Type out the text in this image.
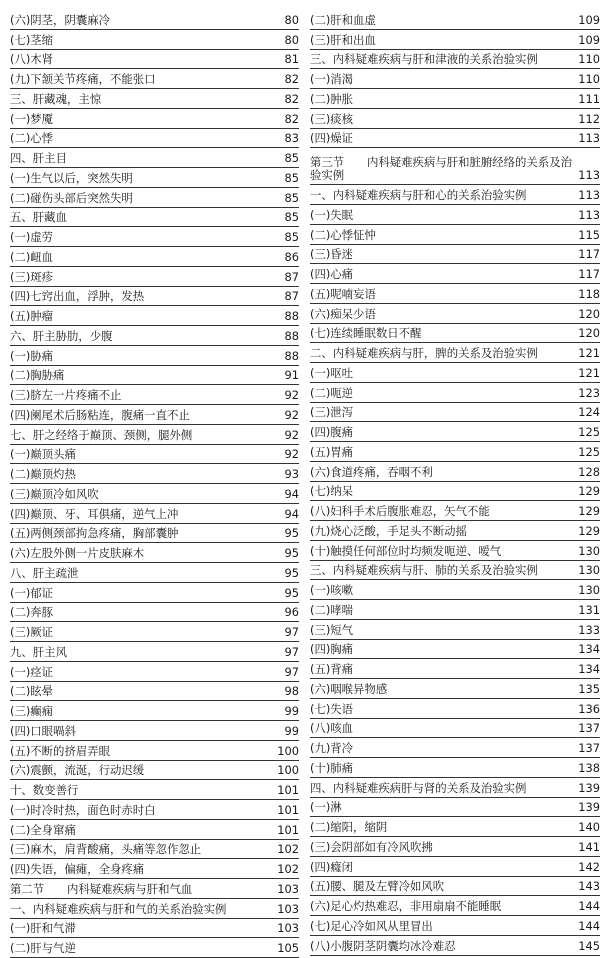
(六)阴茎，阴囊麻冷	80
(七)茎缩	80
(八)木肾	81
(九)下颔关节疼痛，不能张口	82
三、肝藏魂，主惊	82
(一)梦魇	82
(二)心悸	83
四、肝主目	85
(一)生气以后，突然失明	85
(二)碰伤头部后突然失明	85
五、肝藏血	85
(一)虚劳	85
(二)衄血	86
(三)斑疹	87
(四)七窍出血，浮肿，发热	87
(五)肿瘤	88
六、肝主胁肋，少腹	88
(一)胁痛	88
(二)胸胁痛	91
(三)脐左一片疼痛不止	92
(四)阑尾术后肠粘连，腹痛一直不止	92
七、肝之经络于巅顶、颈侧，腿外侧	92
(一)巅顶头痛	92
(二)巅顶灼热	93
(三)巅顶冷如风吹	94
(四)巅顶、牙、耳俱痛，逆气上冲	94
(五)两侧颈部拘急疼痛，胸部囊肿	95
(六)左股外侧一片皮肤麻木	95
八、肝主疏泄	95
(一)郁证	95
(二)奔豚	96
(三)厥证	97
九、肝主风	97
(一)痉证	97
(二)眩晕	98
(三)癫痫	99
(四)口眼喎斜	99
(五)不断的挤眉弄眼	100
(六)震颤，流涎，行动迟缓	100
十、数变善行	101
(一)时冷时热，面色时赤时白	101
(二)全身窜痛	101
(三)麻木，肩背酸痛，头痛等忽作忽止	102
(四)失语，偏瘫，全身疼痛	102
第二节　　内科疑难疾病与肝和气血	103
一、内科疑难疾病与肝和气的关系治验实例	103
(一)肝和气滞	103
(二)肝与气逆	105
(二)肝和血虚	109
(三)肝和出血	109
三、内科疑难疾病与肝和津液的关系治验实例	110
(一)消渴	110
(二)肿胀	111
(三)痰核	112
(四)燥证	113
第三节　　内科疑难疾病与肝和脏腑经络的关系及治验实例	113
一、内科疑难疾病与肝和心的关系治验实例	113
(一)失眠	113
(二)心悸怔忡	115
(三)昏迷	117
(四)心痛	117
(五)呢喃妄语	118
(六)痴呆少语	120
(七)连续睡眠数日不醒	120
二、内科疑难疾病与肝，脾的关系及治验实例	121
(一)呕吐	121
(二)呃逆	123
(三)泄泻	124
(四)腹痛	125
(五)胃痛	125
(六)食道疼痛，吞咽不利	128
(七)纳呆	129
(八)妇科手术后腹胀难忍，矢气不能	129
(九)烧心泛酸，手足头不断动摇	129
(十)触摸任何部位时均频发呃逆、嗳气	130
三、内科疑难疾病与肝、肺的关系及治验实例	130
(一)咳嗽	130
(二)哮喘	131
(三)短气	133
(四)胸痛	134
(五)背痛	134
(六)咽喉异物感	135
(七)失语	136
(八)咳血	137
(九)背冷	137
(十)肺痛	138
四、内科疑难疾病肝与肾的关系及治验实例	139
(一)淋	139
(二)缩阳，缩阴	140
(三)会阴部如有冷风吹拂	141
(四)癃闭	142
(五)腰、腿及左臂冷如风吹	143
(六)足心灼热难忍，非用扇扇不能睡眠	144
(七)足心冷如风从里冒出	144
(八)小腹阴茎阴囊均冰冷难忍	145
